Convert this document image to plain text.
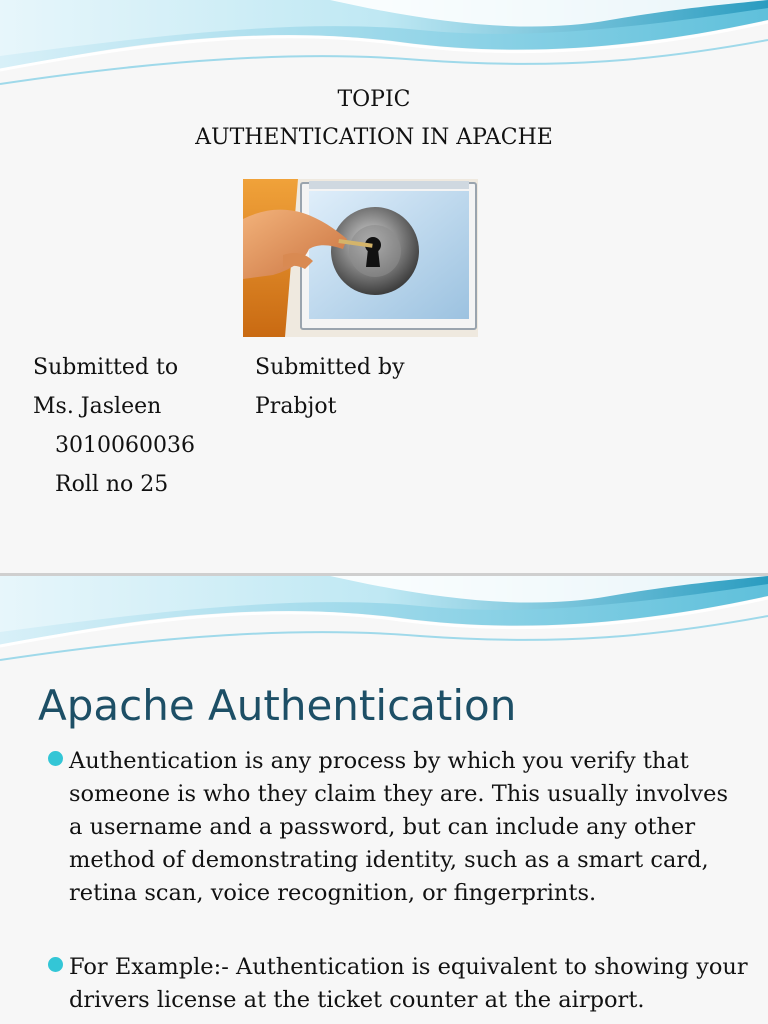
TOPIC
AUTHENTICATION IN APACHE
Submitted to
Ms. Jasleen
Submitted by
Prabjot
3010060036
Roll no 25
Apache Authentication

Authentication is any process by which you verify that someone is who they claim they are. This usually involves a username and a password, but can include any other method of demonstrating identity, such as a smart card, retina scan, voice recognition, or fingerprints.

For Example:- Authentication is equivalent to showing your drivers license at the ticket counter at the airport.
